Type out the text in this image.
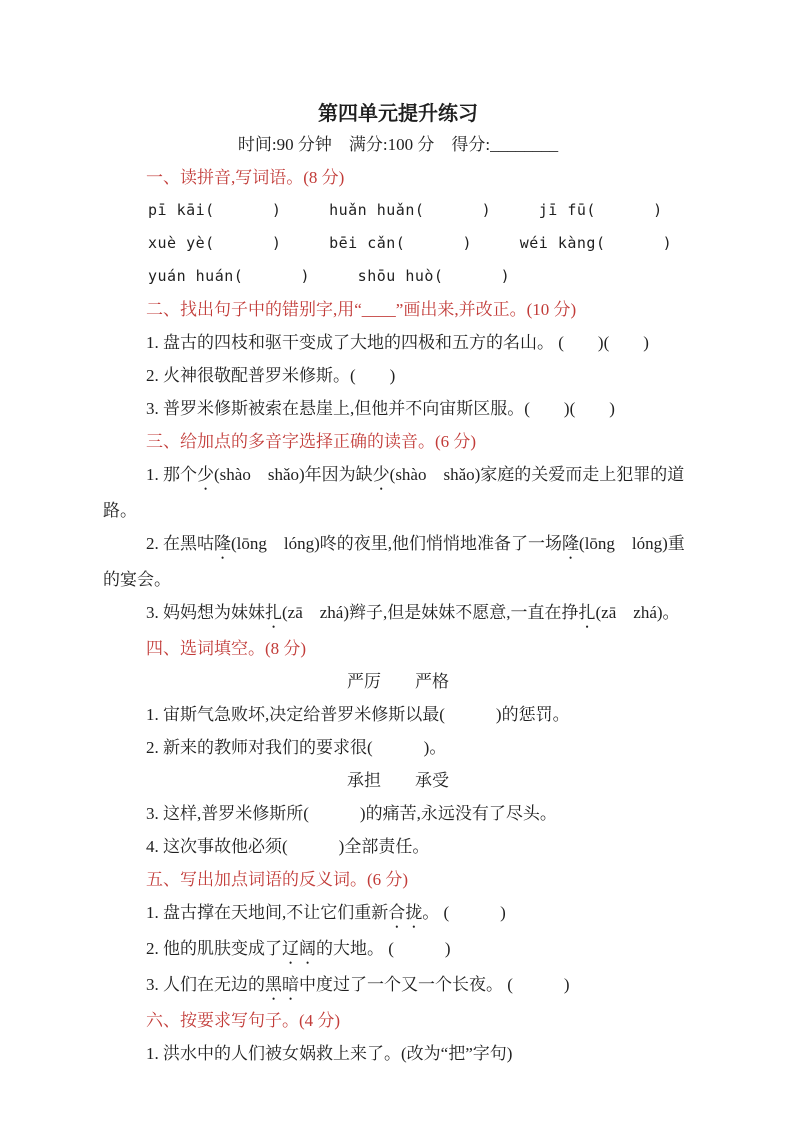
第四单元提升练习

时间:90 分钟　满分:100 分　得分:________

一、读拼音,写词语。(8 分)

pī kāi(      )     huǎn huǎn(      )     jī fū(      )

xuè yè(      )     bēi cǎn(      )     wéi kàng(      )

yuán huán(      )     shōu huò(      )

二、找出句子中的错别字,用“____”画出来,并改正。(10 分)

1. 盘古的四枝和驱干变成了大地的四极和五方的名山。 (　　)(　　)

2. 火神很敬配普罗米修斯。(　　)

3. 普罗米修斯被索在悬崖上,但他并不向宙斯区服。(　　)(　　)

三、给加点的多音字选择正确的读音。(6 分)

1. 那个少(shào　shǎo)年因为缺少(shào　shǎo)家庭的关爱而走上犯罪的道路。

2. 在黑咕隆(lōng　lóng)咚的夜里,他们悄悄地准备了一场隆(lōng　lóng)重的宴会。

3. 妈妈想为妹妹扎(zā　zhá)辫子,但是妹妹不愿意,一直在挣扎(zā　zhá)。

四、选词填空。(8 分)

严厉　　严格

1. 宙斯气急败坏,决定给普罗米修斯以最(　　　)的惩罚。

2. 新来的教师对我们的要求很(　　　)。

承担　　承受

3. 这样,普罗米修斯所(　　　)的痛苦,永远没有了尽头。

4. 这次事故他必须(　　　)全部责任。

五、写出加点词语的反义词。(6 分)

1. 盘古撑在天地间,不让它们重新合拢。 (　　　)

2. 他的肌肤变成了辽阔的大地。 (　　　)

3. 人们在无边的黑暗中度过了一个又一个长夜。 (　　　)

六、按要求写句子。(4 分)

1. 洪水中的人们被女娲救上来了。(改为“把”字句)
